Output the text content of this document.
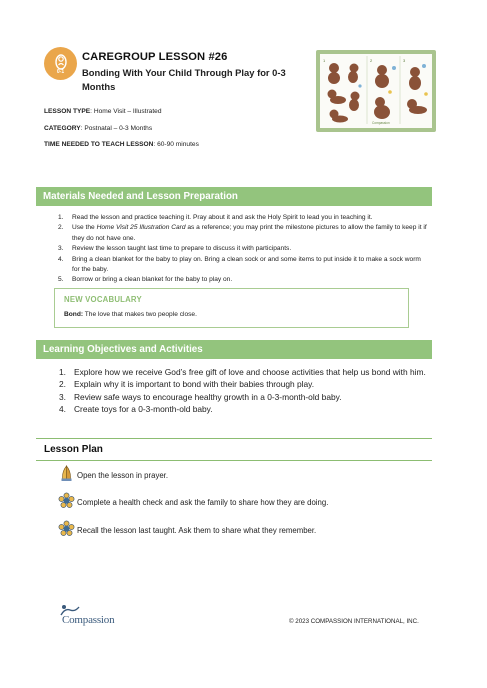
0-1
CAREGROUP LESSON #26
Bonding With Your Child Through Play for 0-3 Months
LESSON TYPE: Home Visit – Illustrated
CATEGORY: Postnatal – 0-3 Months
TIME NEEDED TO TEACH LESSON: 60-90 minutes
1	2	3
Compassion
Materials Needed and Lesson Preparation
1. Read the lesson and practice teaching it. Pray about it and ask the Holy Spirit to lead you in teaching it.
2. Use the Home Visit 25 Illustration Card as a reference; you may print the milestone pictures to allow the family to keep it if they do not have one.
3. Review the lesson taught last time to prepare to discuss it with participants.
4. Bring a clean blanket for the baby to play on. Bring a clean sock or and some items to put inside it to make a sock worm for the baby.
5. Borrow or bring a clean blanket for the baby to play on.
NEW VOCABULARY
Bond: The love that makes two people close.
Learning Objectives and Activities
1. Explore how we receive God’s free gift of love and choose activities that help us bond with him.
2. Explain why it is important to bond with their babies through play.
3. Review safe ways to encourage healthy growth in a 0-3-month-old baby.
4. Create toys for a 0-3-month-old baby.
Lesson Plan
Open the lesson in prayer.
Complete a health check and ask the family to share how they are doing.
Recall the lesson last taught. Ask them to share what they remember.
Compassion	© 2023 COMPASSION INTERNATIONAL, INC.
